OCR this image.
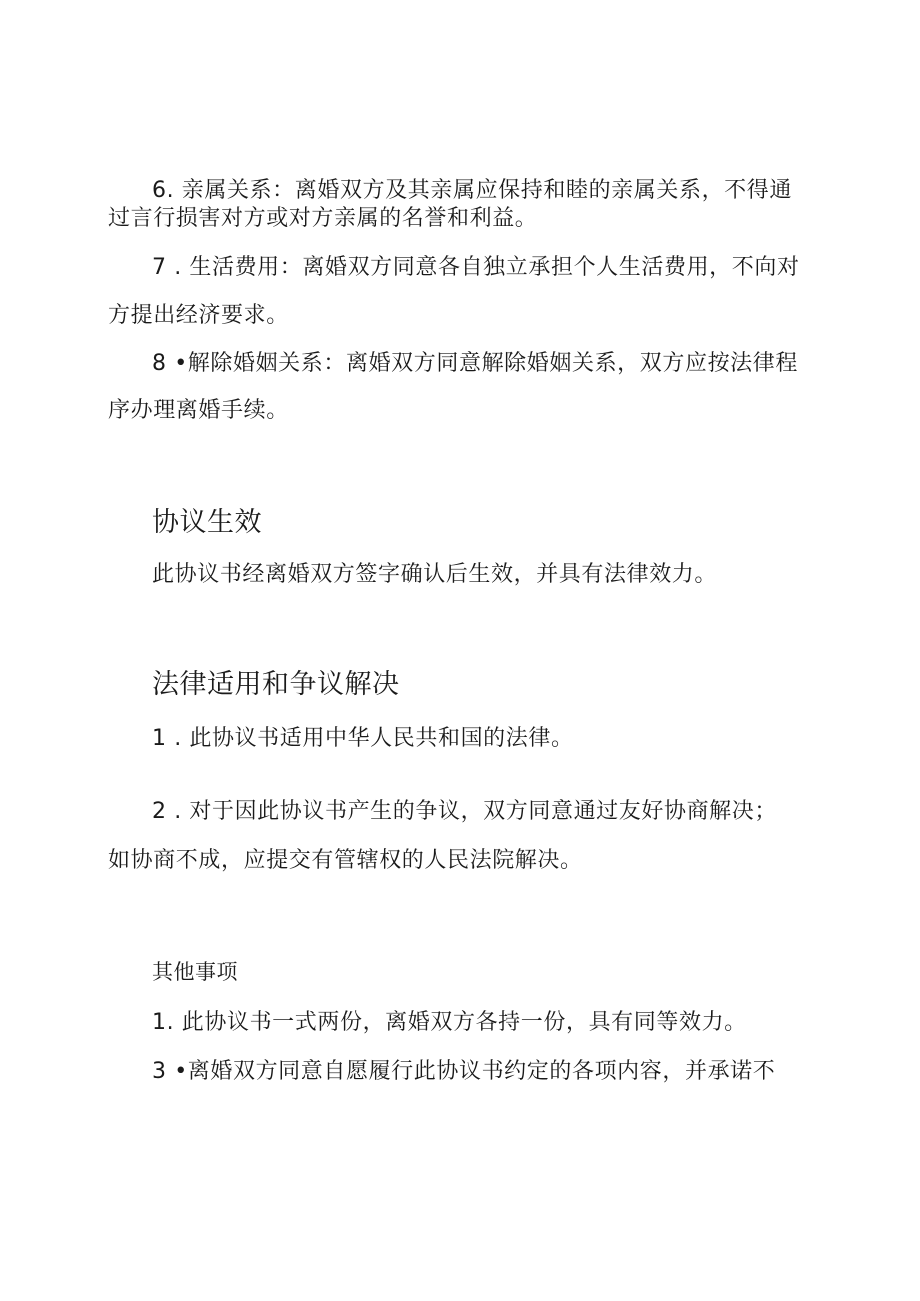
6. 亲属关系：离婚双方及其亲属应保持和睦的亲属关系，不得通

过言行损害对方或对方亲属的名誉和利益。

7 . 生活费用：离婚双方同意各自独立承担个人生活费用，不向对

方提出经济要求。

8 •解除婚姻关系：离婚双方同意解除婚姻关系，双方应按法律程

序办理离婚手续。

协议生效

此协议书经离婚双方签字确认后生效，并具有法律效力。

法律适用和争议解决

1 . 此协议书适用中华人民共和国的法律。

2 . 对于因此协议书产生的争议，双方同意通过友好协商解决；

如协商不成，应提交有管辖权的人民法院解决。

其他事项

1. 此协议书一式两份，离婚双方各持一份，具有同等效力。

3 •离婚双方同意自愿履行此协议书约定的各项内容，并承诺不
